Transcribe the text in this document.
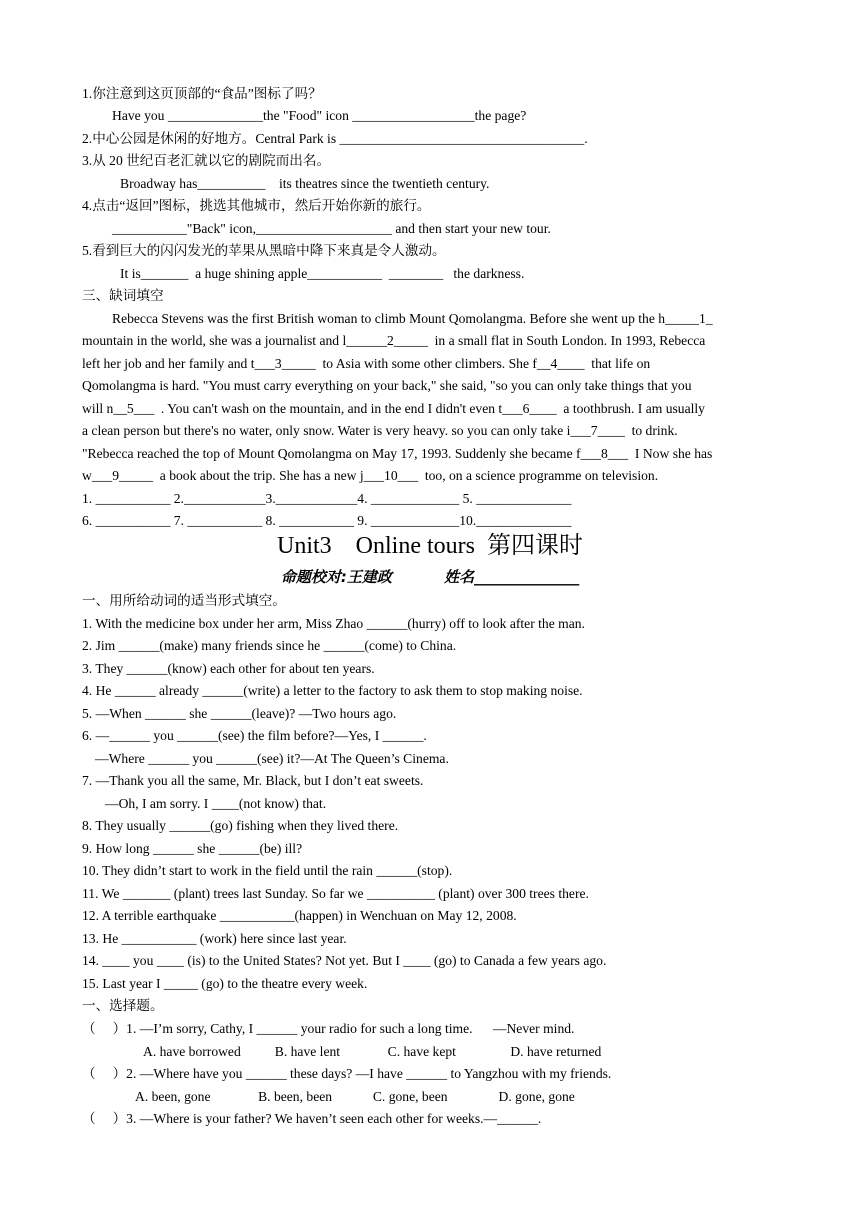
1.你注意到这页顶部的“食品”图标了吗？
Have you ______________the "Food" icon __________________the page?
2.中心公园是休闲的好地方。Central Park is ____________________________________.
3.从 20 世纪百老汇就以它的剧院而出名。
Broadway has__________    its theatres since the twentieth century.
4.点击“返回”图标，挑选其他城市，然后开始你新的旅行。
___________"Back" icon,____________________ and then start your new tour.
5.看到巨大的闪闪发光的苹果从黑暗中降下来真是令人激动。
It is_______  a huge shining apple___________  ________   the darkness.
三、缺词填空
Rebecca Stevens was the first British woman to climb Mount Qomolangma. Before she went up the h_____1_
mountain in the world, she was a journalist and l______2_____  in a small flat in South London. In 1993, Rebecca
left her job and her family and t___3_____  to Asia with some other climbers. She f__4____  that life on
Qomolangma is hard. "You must carry everything on your back," she said, "so you can only take things that you
will n__5___  . You can't wash on the mountain, and in the end I didn't even t___6____  a toothbrush. I am usually
a clean person but there's no water, only snow. Water is very heavy. so you can only take i___7____  to drink.
"Rebecca reached the top of Mount Qomolangma on May 17, 1993. Suddenly she became f___8___  I Now she has
w___9_____  a book about the trip. She has a new j___10___  too, on a science programme on television.
1. ___________ 2.____________3.____________4. _____________ 5. ______________
6. ___________ 7. ___________ 8. ___________ 9. _____________10.______________
Unit3    Online tours  第四课时
命题校对:王建政          姓名______________
一、用所给动词的适当形式填空。
1. With the medicine box under her arm, Miss Zhao ______(hurry) off to look after the man.
2. Jim ______(make) many friends since he ______(come) to China.
3. They ______(know) each other for about ten years.
4. He ______ already ______(write) a letter to the factory to ask them to stop making noise.
5. —When ______ she ______(leave)? —Two hours ago.
6. —______ you ______(see) the film before?—Yes, I ______.
—Where ______ you ______(see) it?—At The Queen’s Cinema.
7. —Thank you all the same, Mr. Black, but I don’t eat sweets.
—Oh, I am sorry. I ____(not know) that.
8. They usually ______(go) fishing when they lived there.
9. How long ______ she ______(be) ill?
10. They didn’t start to work in the field until the rain ______(stop).
11. We _______ (plant) trees last Sunday. So far we __________ (plant) over 300 trees there.
12. A terrible earthquake ___________(happen) in Wenchuan on May 12, 2008.
13. He ___________ (work) here since last year.
14. ____ you ____ (is) to the United States? Not yet. But I ____ (go) to Canada a few years ago.
15. Last year I _____ (go) to the theatre every week.
一、选择题。
（     ）1. —I’m sorry, Cathy, I ______ your radio for such a long time.      —Never mind.
A. have borrowed          B. have lent              C. have kept                D. have returned
（     ）2. —Where have you ______ these days? —I have ______ to Yangzhou with my friends.
A. been, gone              B. been, been            C. gone, been               D. gone, gone
（     ）3. —Where is your father? We haven’t seen each other for weeks.—______.
